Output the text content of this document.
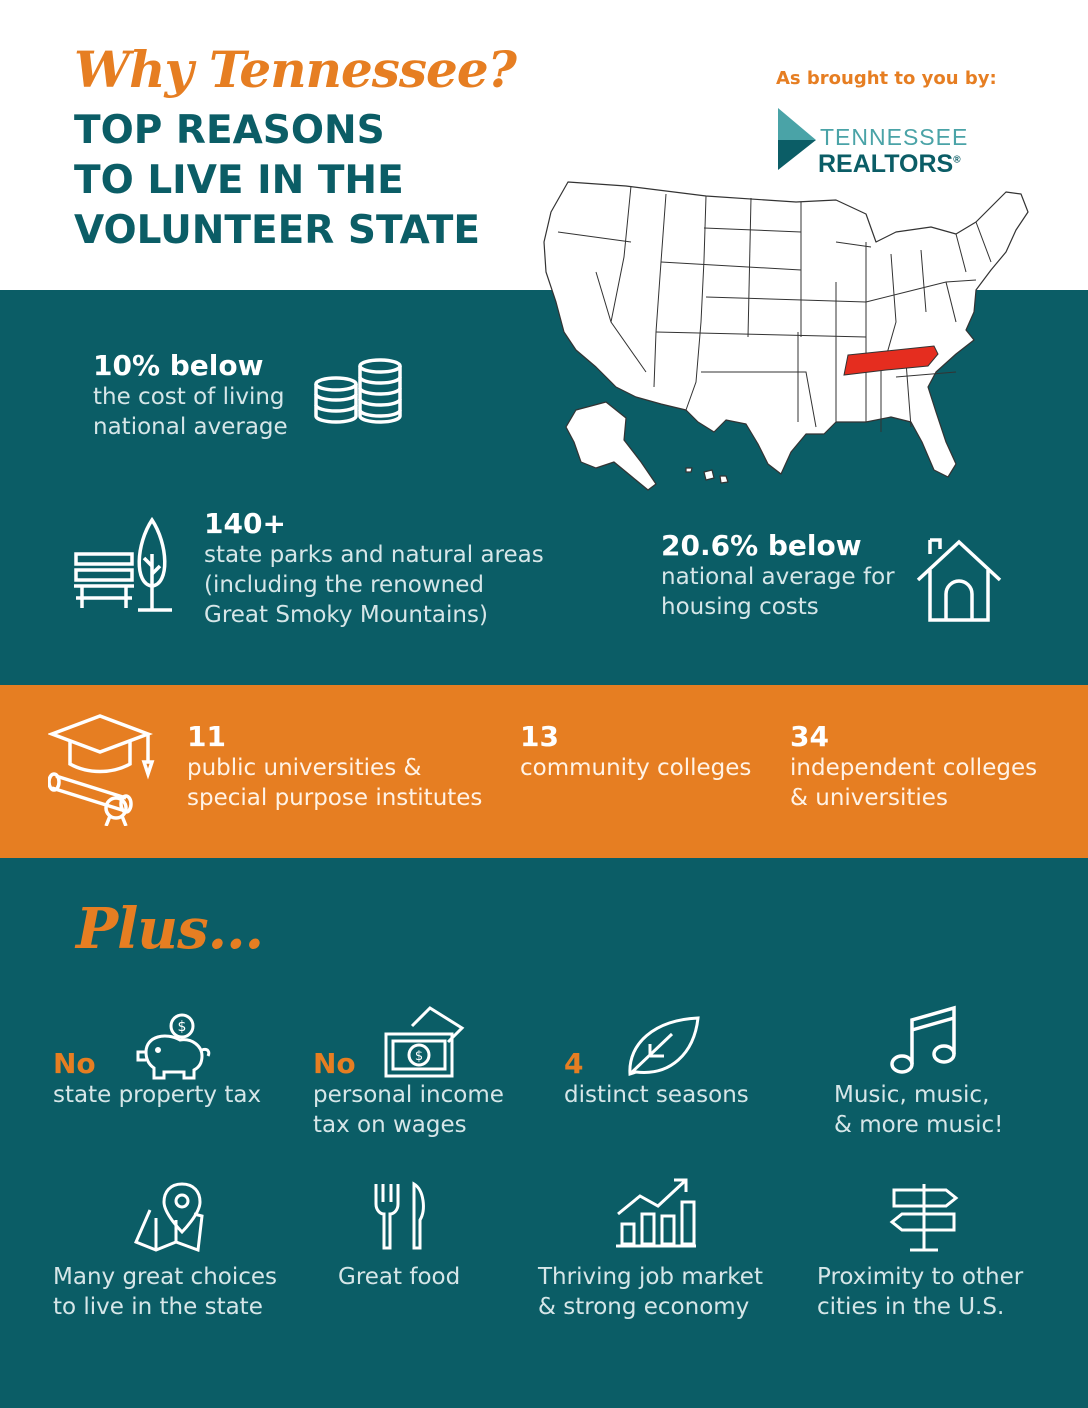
Why Tennessee?
TOP REASONS
TO LIVE IN THE
VOLUNTEER STATE
As brought to you by:
TENNESSEE
REALTORS®
10% below
the cost of living
national average
140+
state parks and natural areas
(including the renowned
Great Smoky Mountains)
20.6% below
national average for
housing costs
11
public universities &
special purpose institutes
13
community colleges
34
independent colleges
& universities
Plus...
$
$
No
state property tax
No
personal income
tax on wages
4
distinct seasons	Music, music,
& more music!
Many great choices
to live in the state
Great food	Thriving job market
& strong economy
Proximity to other
cities in the U.S.
